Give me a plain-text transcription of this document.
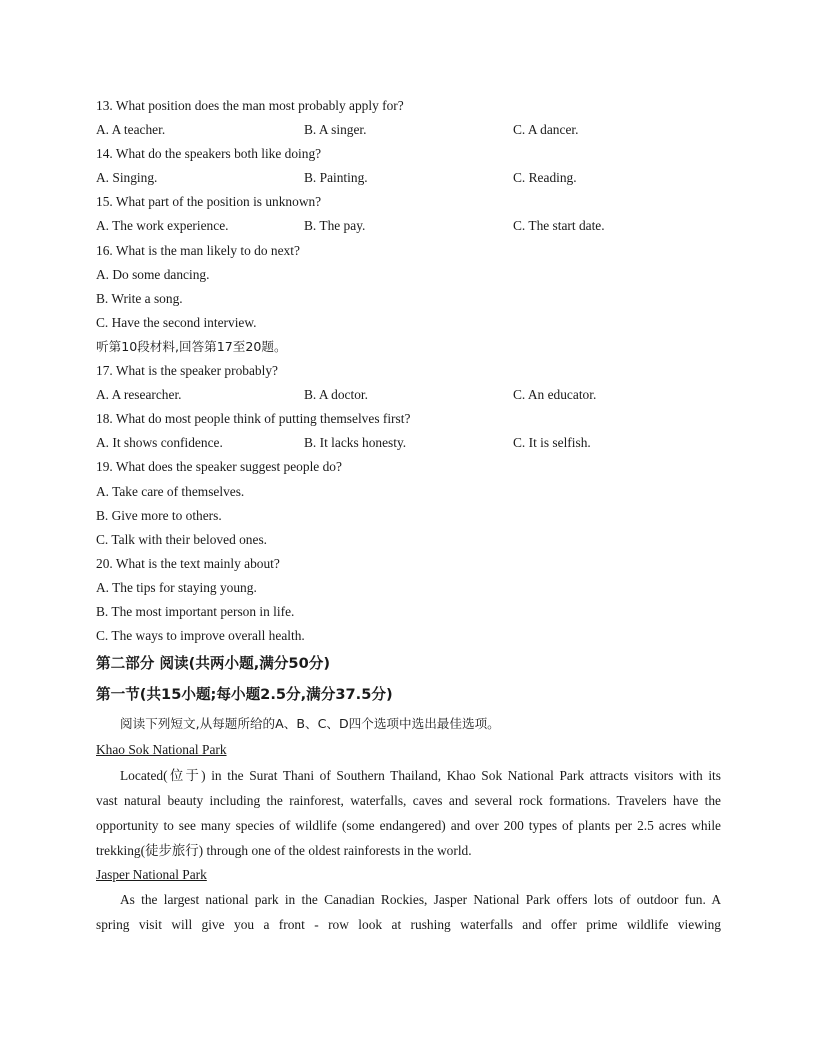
13. What position does the man most probably apply for?
A. A teacher.	B. A singer.	C. A dancer.
14. What do the speakers both like doing?
A. Singing.	B. Painting.	C. Reading.
15. What part of the position is unknown?
A. The work experience.	B. The pay.	C. The start date.
16. What is the man likely to do next?
A. Do some dancing.
B. Write a song.
C. Have the second interview.
听第10段材料,回答第17至20题。
17. What is the speaker probably?
A. A researcher.	B. A doctor.	C. An educator.
18. What do most people think of putting themselves first?
A. It shows confidence.	B. It lacks honesty.	C. It is selfish.
19. What does the speaker suggest people do?
A. Take care of themselves.
B. Give more to others.
C. Talk with their beloved ones.
20. What is the text mainly about?
A. The tips for staying young.
B. The most important person in life.
C. The ways to improve overall health.
第二部分 阅读(共两小题,满分50分)
第一节(共15小题;每小题2.5分,满分37.5分)
阅读下列短文,从每题所给的A、B、C、D四个选项中选出最佳选项。
Khao Sok National Park
Located(位于) in the Surat Thani of Southern Thailand, Khao Sok National Park attracts visitors with its
vast natural beauty including the rainforest, waterfalls, caves and several rock formations. Travelers have the
opportunity to see many species of wildlife (some endangered) and over 200 types of plants per 2.5 acres while
trekking(徒步旅行) through one of the oldest rainforests in the world.
Jasper National Park
As the largest national park in the Canadian Rockies, Jasper National Park offers lots of outdoor fun. A
spring visit will give you a front - row look at rushing waterfalls and offer prime wildlife viewing
